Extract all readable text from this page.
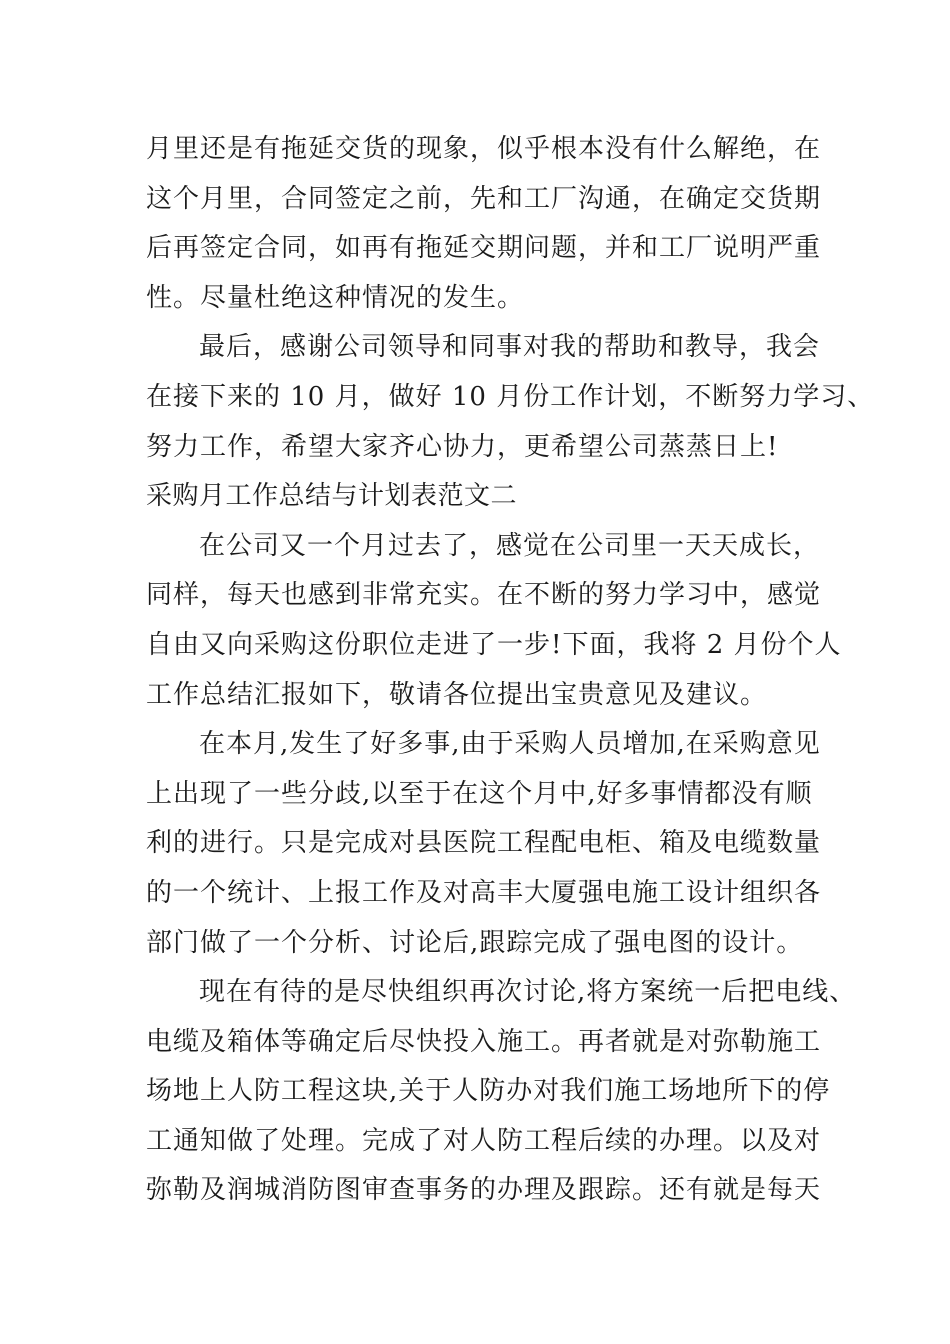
月里还是有拖延交货的现象，似乎根本没有什么解绝，在
这个月里，合同签定之前，先和工厂沟通，在确定交货期
后再签定合同，如再有拖延交期问题，并和工厂说明严重
性。尽量杜绝这种情况的发生。
最后，感谢公司领导和同事对我的帮助和教导，我会
在接下来的 10 月，做好 10 月份工作计划，不断努力学习、
努力工作，希望大家齐心协力，更希望公司蒸蒸日上!
采购月工作总结与计划表范文二
在公司又一个月过去了，感觉在公司里一天天成长，
同样，每天也感到非常充实。在不断的努力学习中，感觉
自由又向采购这份职位走进了一步!下面，我将 2 月份个人
工作总结汇报如下，敬请各位提出宝贵意见及建议。
在本月,发生了好多事,由于采购人员增加,在采购意见
上出现了一些分歧,以至于在这个月中,好多事情都没有顺
利的进行。只是完成对县医院工程配电柜、箱及电缆数量
的一个统计、上报工作及对高丰大厦强电施工设计组织各
部门做了一个分析、讨论后,跟踪完成了强电图的设计。
现在有待的是尽快组织再次讨论,将方案统一后把电线、
电缆及箱体等确定后尽快投入施工。再者就是对弥勒施工
场地上人防工程这块,关于人防办对我们施工场地所下的停
工通知做了处理。完成了对人防工程后续的办理。以及对
弥勒及润城消防图审查事务的办理及跟踪。还有就是每天
